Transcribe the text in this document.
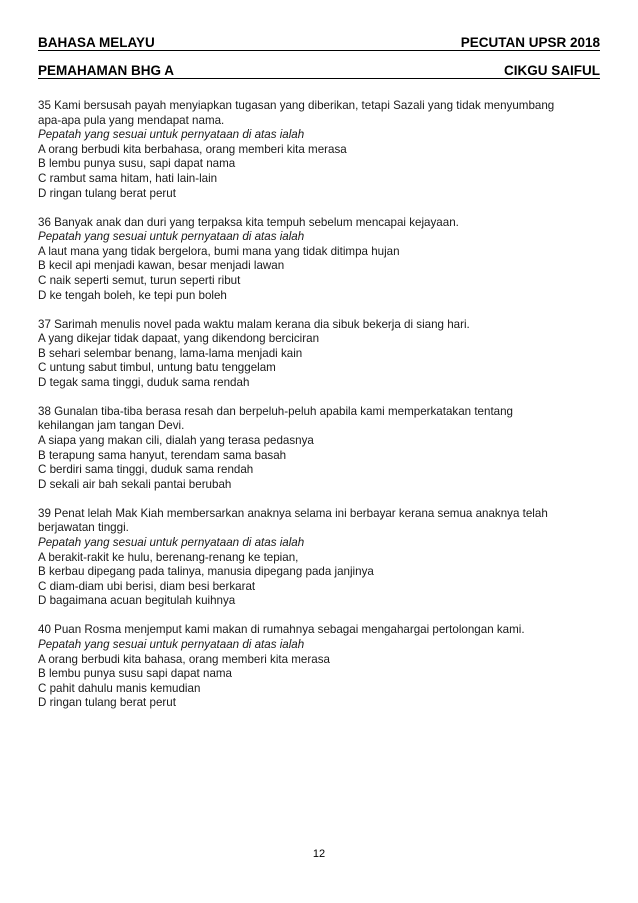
BAHASA MELAYU	PECUTAN UPSR 2018
PEMAHAMAN BHG A	CIKGU SAIFUL
35 Kami bersusah payah menyiapkan tugasan yang diberikan, tetapi Sazali yang tidak menyumbang apa-apa pula yang mendapat nama.
Pepatah yang sesuai untuk pernyataan di atas ialah
A orang berbudi kita berbahasa, orang memberi kita merasa
B lembu punya susu, sapi dapat nama
C rambut sama hitam, hati lain-lain
D ringan tulang berat perut
36 Banyak anak dan duri yang terpaksa kita tempuh sebelum mencapai kejayaan.
Pepatah yang sesuai untuk pernyataan di atas ialah
A laut mana yang tidak bergelora, bumi mana yang tidak ditimpa hujan
B kecil api menjadi kawan, besar menjadi lawan
C naik seperti semut, turun seperti ribut
D ke tengah boleh, ke tepi pun boleh
37 Sarimah menulis novel pada waktu malam kerana dia sibuk bekerja di siang hari.
A yang dikejar tidak dapaat, yang dikendong berciciran
B sehari selembar benang, lama-lama menjadi kain
C untung sabut timbul, untung batu tenggelam
D tegak sama tinggi, duduk sama rendah
38 Gunalan tiba-tiba berasa resah dan berpeluh-peluh apabila kami memperkatakan tentang kehilangan jam tangan Devi.
A siapa yang makan cili, dialah yang terasa pedasnya
B terapung sama hanyut, terendam sama basah
C berdiri sama tinggi, duduk sama rendah
D sekali air bah sekali pantai berubah
39 Penat lelah Mak Kiah membersarkan anaknya selama ini berbayar kerana semua anaknya telah berjawatan tinggi.
Pepatah yang sesuai untuk pernyataan di atas ialah
A berakit-rakit ke hulu, berenang-renang ke tepian,
B kerbau dipegang pada talinya, manusia dipegang pada janjinya
C diam-diam ubi berisi, diam besi berkarat
D bagaimana acuan begitulah kuihnya
40 Puan Rosma menjemput kami makan di rumahnya sebagai mengahargai pertolongan kami.
Pepatah yang sesuai untuk pernyataan di atas ialah
A orang berbudi kita bahasa, orang memberi kita merasa
B lembu punya susu sapi dapat nama
C pahit dahulu manis kemudian
D ringan tulang berat perut
12
